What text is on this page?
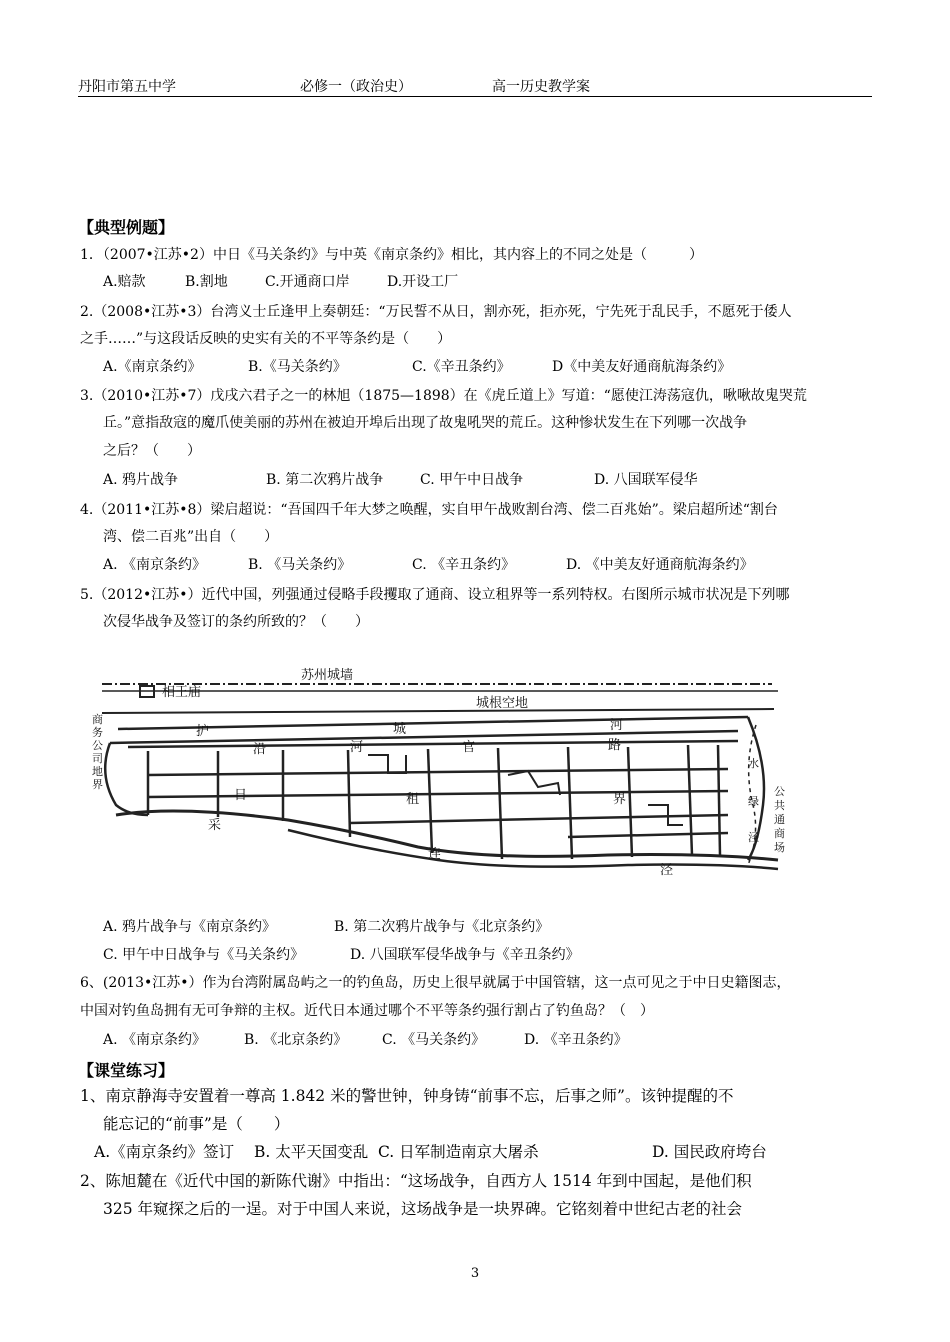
丹阳市第五中学	必修一（政治史）	高一历史教学案
【典型例题】
1．（2007•江苏•2）中日《马关条约》与中英《南京条约》相比，其内容上的不同之处是（　　　）
A.赔款	B.割地	C.开通商口岸	D.开设工厂
2.（2008•江苏•3）台湾义士丘逢甲上奏朝廷：“万民誓不从日，割亦死，拒亦死，宁先死于乱民手，不愿死于倭人
之手……”与这段话反映的史实有关的不平等条约是（　　）
A.《南京条约》	B.《马关条约》	C.《辛丑条约》	D《中美友好通商航海条约》
3.（2010•江苏•7）戊戌六君子之一的林旭（1875—1898）在《虎丘道上》写道：“愿使江涛荡寇仇，啾啾故鬼哭荒
丘。”意指敌寇的魔爪使美丽的苏州在被迫开埠后出现了故鬼吼哭的荒丘。这种惨状发生在下列哪一次战争
之后？（　　）
A. 鸦片战争	B. 第二次鸦片战争	C. 甲午中日战争	D. 八国联军侵华
4.（2011•江苏•8）梁启超说：“吾国四千年大梦之唤醒，实自甲午战败割台湾、偿二百兆始”。梁启超所述“割台
湾、偿二百兆”出自（　　）
A. 《南京条约》	B. 《马关条约》	C. 《辛丑条约》	D. 《中美友好通商航海条约》
5.（2012•江苏•）近代中国，列强通过侵略手段攫取了通商、设立租界等一系列特权。右图所示城市状况是下列哪
次侵华战争及签订的条约所致的？（　　）
苏州城墙
相王庙
城根空地
护	城	河
沿	河	官	路
日	租	界
采
连
泾
商
务
公
司
地
界
水
绿
泾
公
共
通
商
场
A. 鸦片战争与《南京条约》	B. 第二次鸦片战争与《北京条约》
C. 甲午中日战争与《马关条约》	D. 八国联军侵华战争与《辛丑条约》
6、(2013•江苏•）作为台湾附属岛屿之一的钓鱼岛，历史上很早就属于中国管辖，这一点可见之于中日史籍图志，
中国对钓鱼岛拥有无可争辩的主权。近代日本通过哪个不平等条约强行割占了钓鱼岛？（　）
A. 《南京条约》	B. 《北京条约》 C. 《马关条约》	D. 《辛丑条约》
【课堂练习】
1、南京静海寺安置着一尊高 1.842 米的警世钟，钟身铸“前事不忘，后事之师”。该钟提醒的不
能忘记的“前事”是（　　）
A.《南京条约》签订 B. 太平天国变乱 C. 日军制造南京大屠杀	D. 国民政府垮台
2、陈旭麓在《近代中国的新陈代谢》中指出：“这场战争，自西方人 1514 年到中国起，是他们积
325 年窥探之后的一逞。对于中国人来说，这场战争是一块界碑。它铭刻着中世纪古老的社会
3
